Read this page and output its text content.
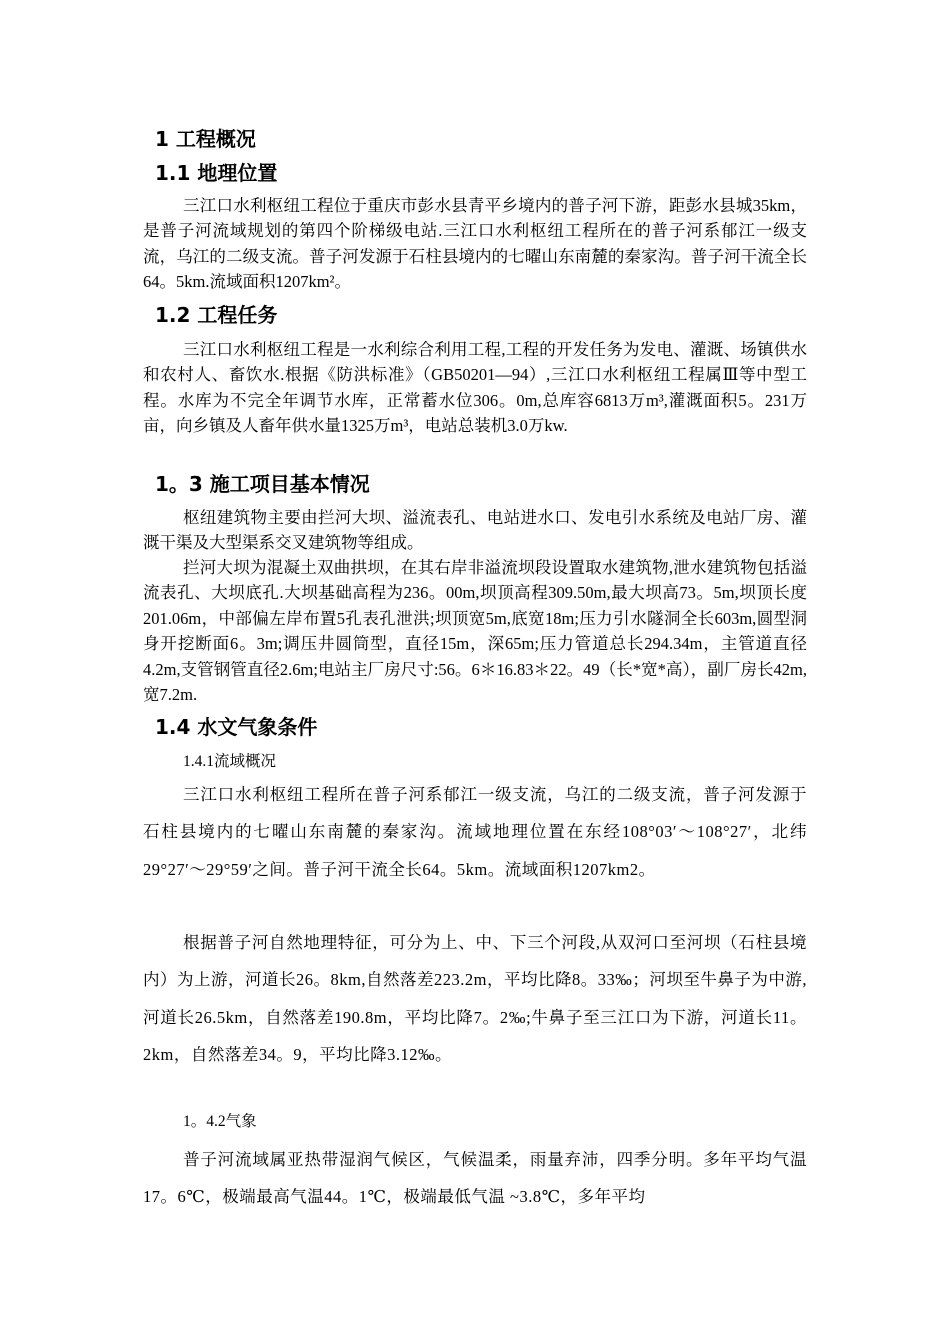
1 工程概况
1.1 地理位置

三江口水利枢纽工程位于重庆市彭水县青平乡境内的普子河下游，距彭水县城35km，是普子河流域规划的第四个阶梯级电站.三江口水利枢纽工程所在的普子河系郁江一级支流，乌江的二级支流。普子河发源于石柱县境内的七曜山东南麓的秦家沟。普子河干流全长64。5km.流域面积1207km²。

1.2 工程任务

三江口水利枢纽工程是一水利综合利用工程,工程的开发任务为发电、灌溉、场镇供水和农村人、畜饮水.根据《防洪标准》（GB50201—94）,三江口水利枢纽工程属Ⅲ等中型工程。水库为不完全年调节水库，正常蓄水位306。0m,总库容6813万m³,灌溉面积5。231万亩，向乡镇及人畜年供水量1325万m³，电站总装机3.0万kw.

1。3 施工项目基本情况

枢纽建筑物主要由拦河大坝、溢流表孔、电站进水口、发电引水系统及电站厂房、灌溉干渠及大型渠系交叉建筑物等组成。

拦河大坝为混凝土双曲拱坝，在其右岸非溢流坝段设置取水建筑物,泄水建筑物包括溢流表孔、大坝底孔.大坝基础高程为236。00m,坝顶高程309.50m,最大坝高73。5m,坝顶长度201.06m，中部偏左岸布置5孔表孔泄洪;坝顶宽5m,底宽18m;压力引水隧洞全长603m,圆型洞身开挖断面6。3m;调压井圆筒型，直径15m，深65m;压力管道总长294.34m，主管道直径4.2m,支管钢管直径2.6m;电站主厂房尺寸:56。6＊16.83＊22。49（长*宽*高），副厂房长42m,宽7.2m.

1.4 水文气象条件

1.4.1流域概况

三江口水利枢纽工程所在普子河系郁江一级支流，乌江的二级支流，普子河发源于石柱县境内的七曜山东南麓的秦家沟。流域地理位置在东经108°03′～108°27′，北纬29°27′～29°59′之间。普子河干流全长64。5km。流域面积1207km2。

根据普子河自然地理特征，可分为上、中、下三个河段,从双河口至河坝（石柱县境内）为上游，河道长26。8km,自然落差223.2m，平均比降8。33‰；河坝至牛鼻子为中游,河道长26.5km，自然落差190.8m，平均比降7。2‰;牛鼻子至三江口为下游，河道长11。2km，自然落差34。9，平均比降3.12‰。

1。4.2气象

普子河流域属亚热带湿润气候区，气候温柔，雨量弃沛，四季分明。多年平均气温17。6℃，极端最高气温44。1℃，极端最低气温 ~3.8℃，多年平均
